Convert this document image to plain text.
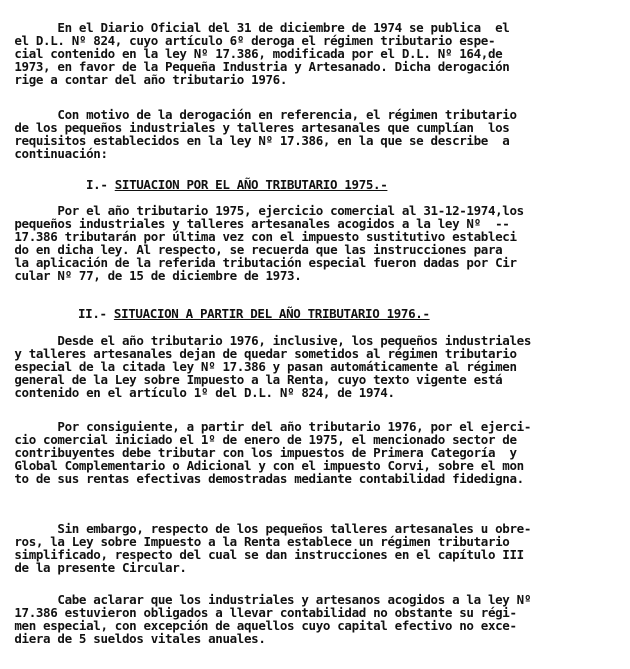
En el Diario Oficial del 31 de diciembre de 1974 se publica  el
el D.L. Nº 824, cuyo artículo 6º deroga el régimen tributario espe-
cial contenido en la ley Nº 17.386, modificada por el D.L. Nº 164,de
1973, en favor de la Pequeña Industria y Artesanado. Dicha derogación
rige a contar del año tributario 1976.
Con motivo de la derogación en referencia, el régimen tributario
de los pequeños industriales y talleres artesanales que cumplían  los
requisitos establecidos en la ley Nº 17.386, en la que se describe  a
continuación:
I.- SITUACION POR EL AÑO TRIBUTARIO 1975.-
Por el año tributario 1975, ejercicio comercial al 31-12-1974,los
pequeños industriales y talleres artesanales acogidos a la ley Nº  --
17.386 tributarán por última vez con el impuesto sustitutivo estableci
do en dicha ley. Al respecto, se recuerda que las instrucciones para
la aplicación de la referida tributación especial fueron dadas por Cir
cular Nº 77, de 15 de diciembre de 1973.
II.- SITUACION A PARTIR DEL AÑO TRIBUTARIO 1976.-
Desde el año tributario 1976, inclusive, los pequeños industriales
y talleres artesanales dejan de quedar sometidos al régimen tributario
especial de la citada ley Nº 17.386 y pasan automáticamente al régimen
general de la Ley sobre Impuesto a la Renta, cuyo texto vigente está
contenido en el artículo 1º del D.L. Nº 824, de 1974.
Por consiguiente, a partir del año tributario 1976, por el ejerci-
cio comercial iniciado el 1º de enero de 1975, el mencionado sector de
contribuyentes debe tributar con los impuestos de Primera Categoría  y
Global Complementario o Adicional y con el impuesto Corvi, sobre el mon
to de sus rentas efectivas demostradas mediante contabilidad fidedigna.
Sin embargo, respecto de los pequeños talleres artesanales u obre-
ros, la Ley sobre Impuesto a la Renta establece un régimen tributario
simplificado, respecto del cual se dan instrucciones en el capítulo III
de la presente Circular.
Cabe aclarar que los industriales y artesanos acogidos a la ley Nº
17.386 estuvieron obligados a llevar contabilidad no obstante su régi-
men especial, con excepción de aquellos cuyo capital efectivo no exce-
diera de 5 sueldos vitales anuales.
